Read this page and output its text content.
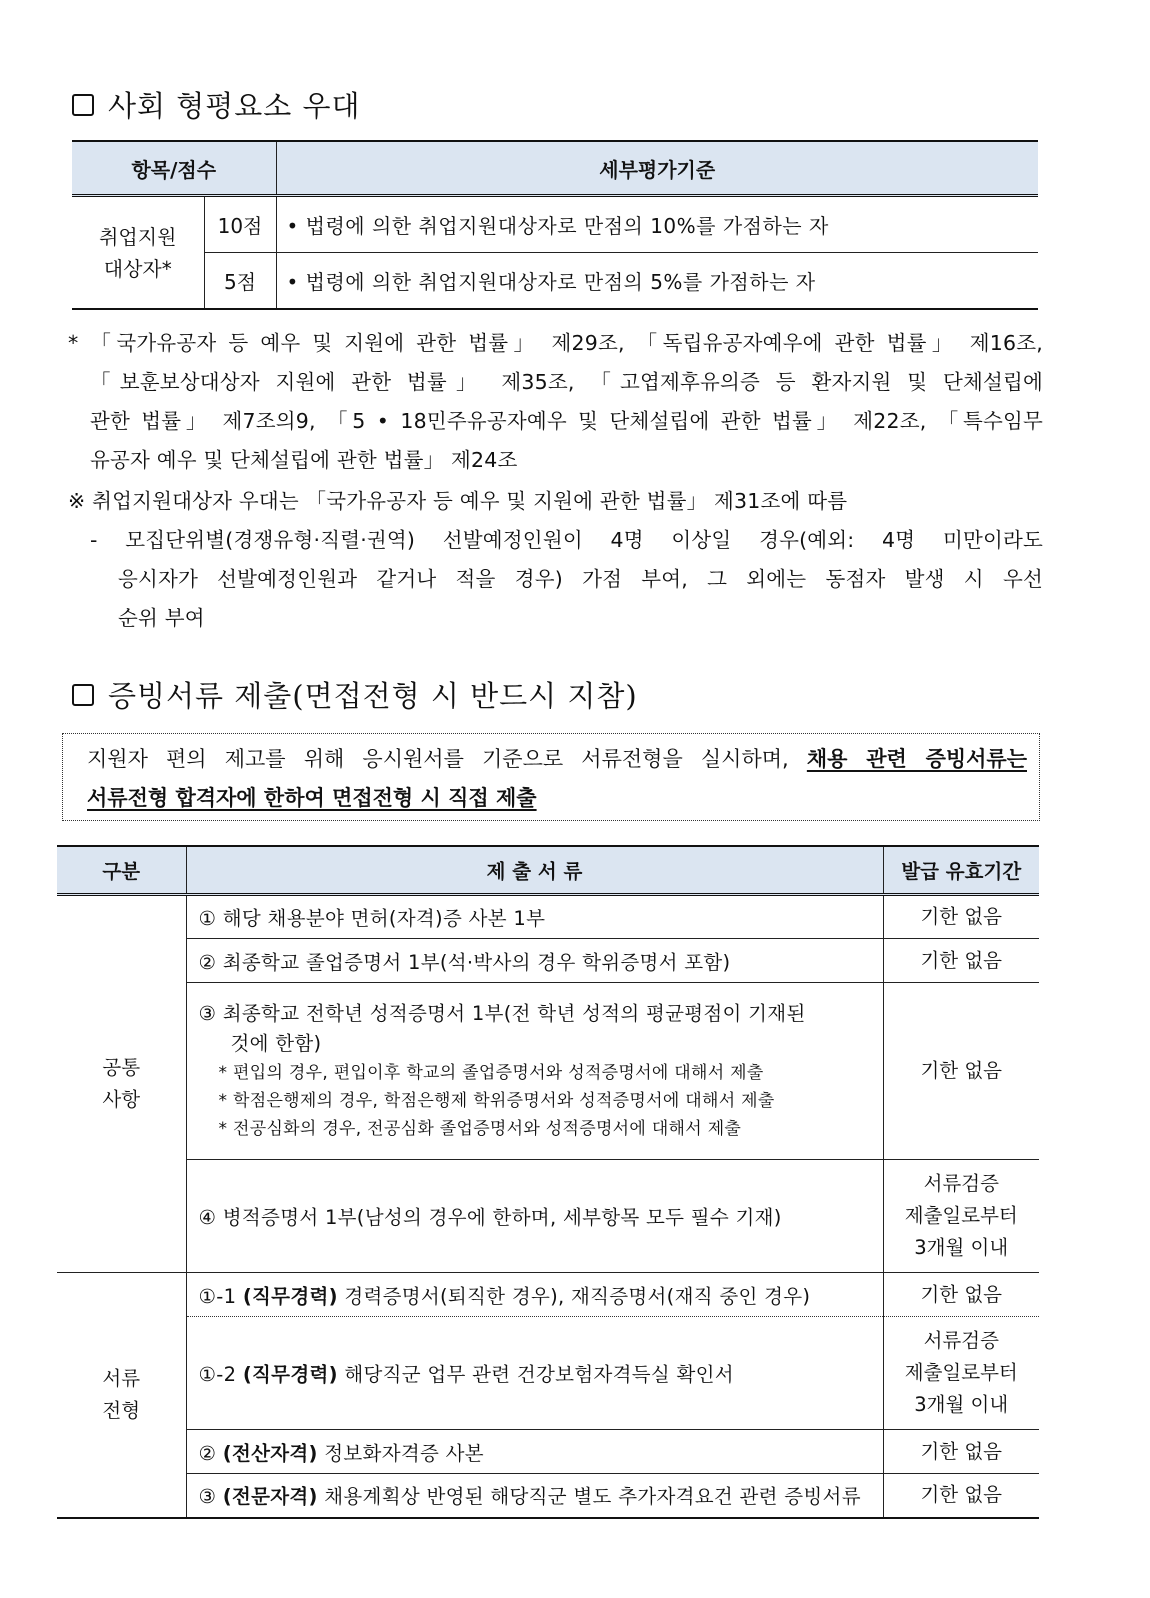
사회 형평요소 우대
항목/점수		세부평가기준

취업지원
대상자*	10점	• 법령에 의한 취업지원대상자로 만점의 10%를 가점하는 자
	5점	• 법령에 의한 취업지원대상자로 만점의 5%를 가점하는 자
* 「국가유공자 등 예우 및 지원에 관한 법률」 제29조, 「독립유공자예우에 관한 법률」 제16조,
「보훈보상대상자 지원에 관한 법률」 제35조, 「고엽제후유의증 등 환자지원 및 단체설립에
관한 법률」 제7조의9, 「5 • 18민주유공자예우 및 단체설립에 관한 법률」 제22조, 「특수임무
유공자 예우 및 단체설립에 관한 법률」 제24조
※ 취업지원대상자 우대는 「국가유공자 등 예우 및 지원에 관한 법률」 제31조에 따름
- 모집단위별(경쟁유형·직렬·권역) 선발예정인원이 4명 이상일 경우(예외: 4명 미만이라도
응시자가 선발예정인원과 같거나 적을 경우) 가점 부여, 그 외에는 동점자 발생 시 우선
순위 부여
증빙서류 제출(면접전형 시 반드시 지참)
지원자 편의 제고를 위해 응시원서를 기준으로 서류전형을 실시하며, 채용 관련 증빙서류는
서류전형 합격자에 한하여 면접전형 시 직접 제출
구분	제 출 서 류	발급 유효기간

공통
사항	① 해당 채용분야 면허(자격)증 사본 1부	기한 없음
	② 최종학교 졸업증명서 1부(석·박사의 경우 학위증명서 포함)	기한 없음

	③ 최종학교 전학년 성적증명서 1부(전 학년 성적의 평균평점이 기재된
것에 한함)
* 편입의 경우, 편입이후 학교의 졸업증명서와 성적증명서에 대해서 제출
* 학점은행제의 경우, 학점은행제 학위증명서와 성적증명서에 대해서 제출
* 전공심화의 경우, 전공심화 졸업증명서와 성적증명서에 대해서 제출	기한 없음
	④ 병적증명서 1부(남성의 경우에 한하며, 세부항목 모두 필수 기재)	서류검증
제출일로부터
3개월 이내

서류
전형	①-1 (직무경력) 경력증명서(퇴직한 경우), 재직증명서(재직 중인 경우)	기한 없음
	①-2 (직무경력) 해당직군 업무 관련 건강보험자격득실 확인서	서류검증
제출일로부터
3개월 이내

	② (전산자격) 정보화자격증 사본	기한 없음
	③ (전문자격) 채용계획상 반영된 해당직군 별도 추가자격요건 관련 증빙서류	기한 없음
